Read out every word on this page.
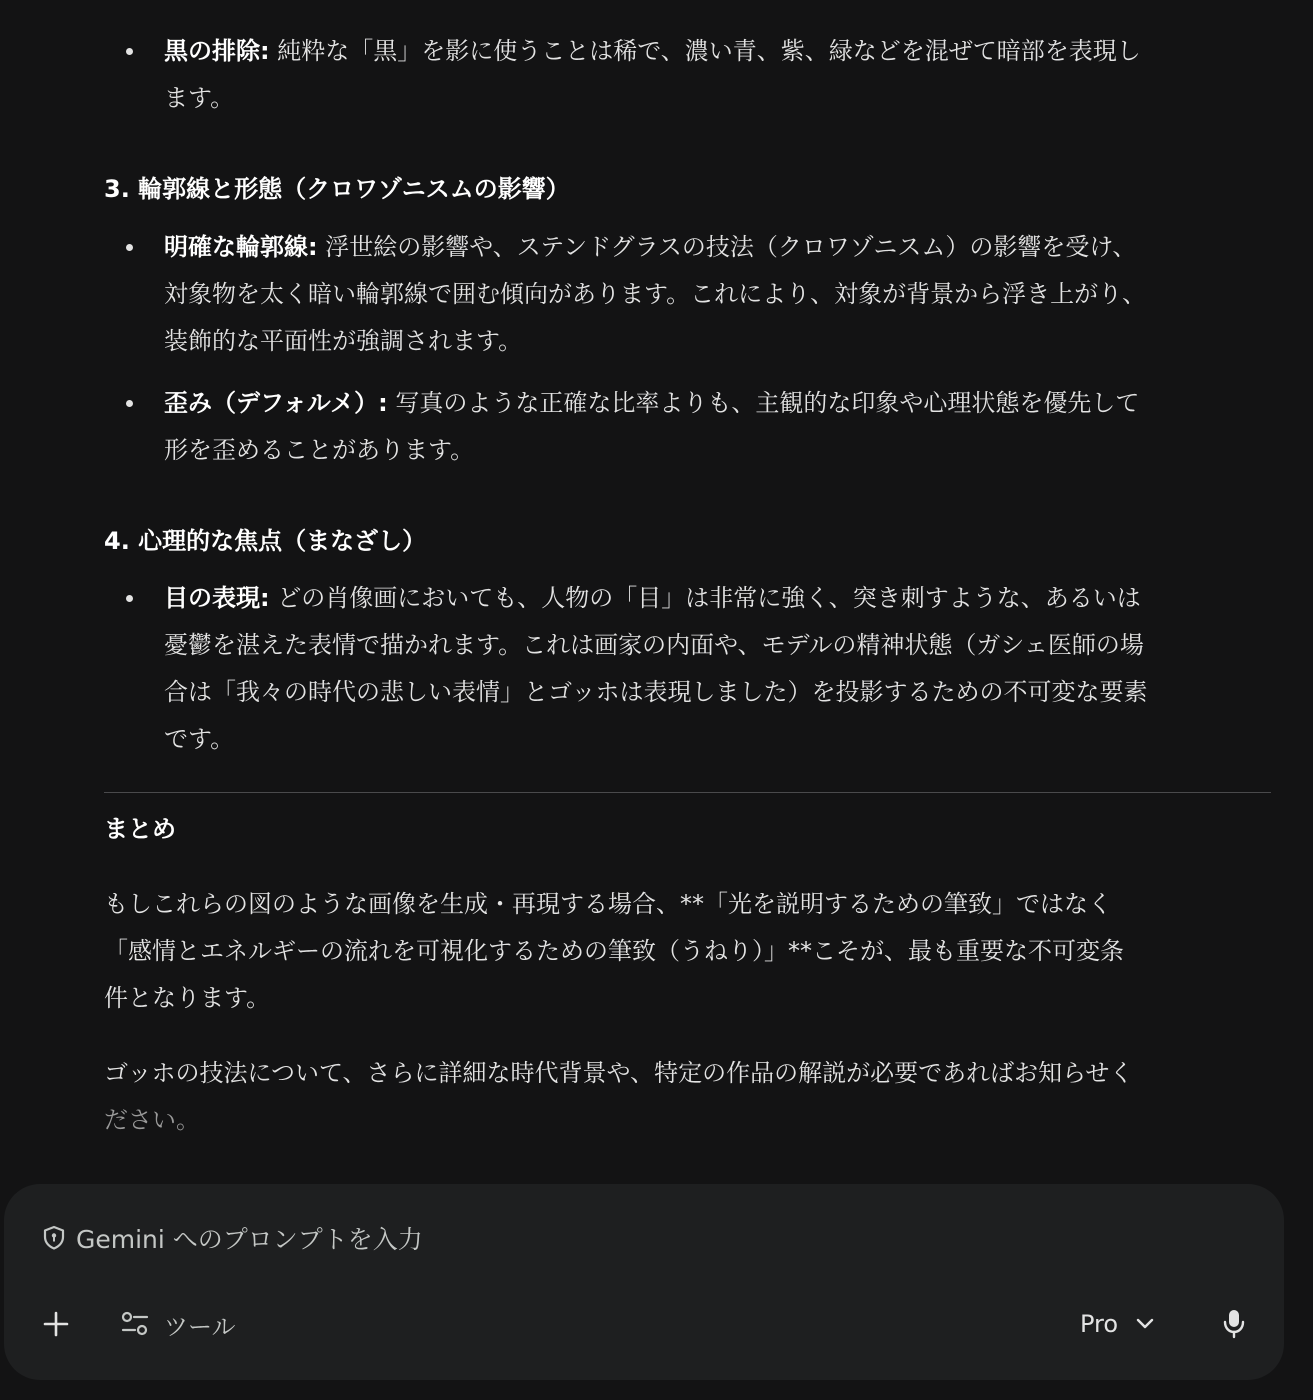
黒の排除: 純粋な「黒」を影に使うことは稀で、濃い青、紫、緑などを混ぜて暗部を表現し
ます。
3. 輪郭線と形態（クロワゾニスムの影響）
明確な輪郭線: 浮世絵の影響や、ステンドグラスの技法（クロワゾニスム）の影響を受け、
対象物を太く暗い輪郭線で囲む傾向があります。これにより、対象が背景から浮き上がり、
装飾的な平面性が強調されます。
歪み（デフォルメ）: 写真のような正確な比率よりも、主観的な印象や心理状態を優先して
形を歪めることがあります。
4. 心理的な焦点（まなざし）
目の表現: どの肖像画においても、人物の「目」は非常に強く、突き刺すような、あるいは
憂鬱を湛えた表情で描かれます。これは画家の内面や、モデルの精神状態（ガシェ医師の場
合は「我々の時代の悲しい表情」とゴッホは表現しました）を投影するための不可変な要素
です。
まとめ

もしこれらの図のような画像を生成・再現する場合、**「光を説明するための筆致」ではなく
「感情とエネルギーの流れを可視化するための筆致（うねり）」**こそが、最も重要な不可変条
件となります。

ゴッホの技法について、さらに詳細な時代背景や、特定の作品の解説が必要であればお知らせく
ださい。

Gemini へのプロンプトを入力
ツール	Pro
